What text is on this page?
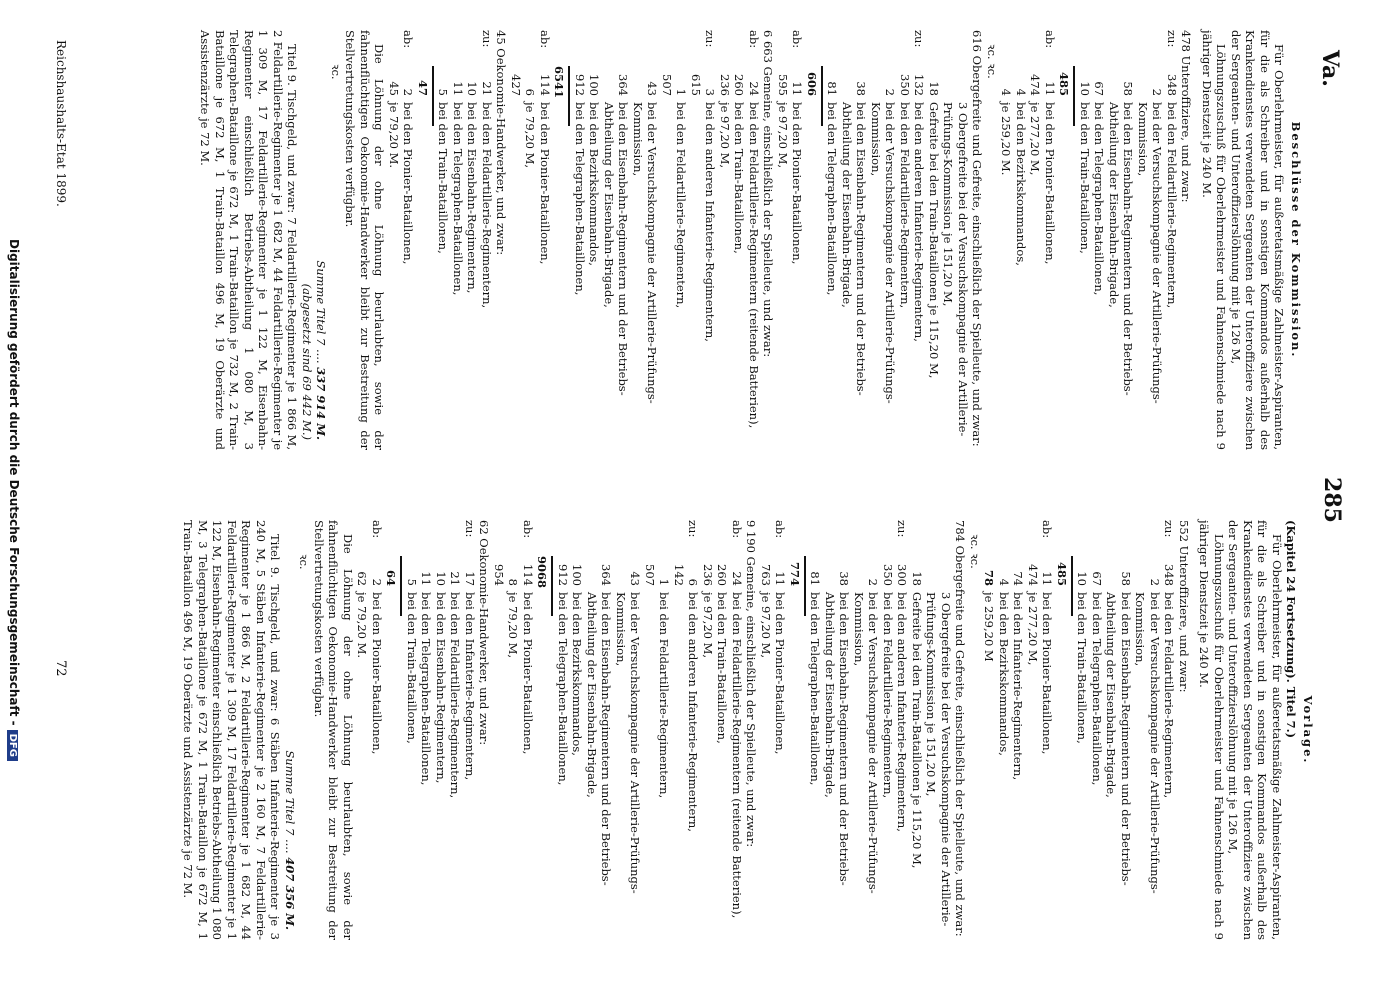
285
Va.
Vorlage.
(Kapitel 24 Fortsetzung). Titel 7.)
Für Oberlehrmeister, für außeretatsmäßige Zahlmeister-Aspiranten, für die als Schreiber und in sonstigen Kommandos außerhalb des Krankendienstes verwendeten Sergeanten der Unteroffiziere zwischen der Sergeanten- und Unteroffizierslöhnung mit je 126 M,
Löhnungszuschuß für Oberlehrmeister und Fahnenschmiede nach 9 jähriger Dienstzeit je 240 M.
552 Unteroffiziere, und zwar:
zu:
348
bei den Feldartillerie-Regimentern,
2
bei der Versuchskompagnie der Artillerie-Prüfungs-Kommission,
58
bei den Eisenbahn-Regimentern und der Betriebs-Abtheilung der Eisenbahn-Brigade,
67
bei den Telegraphen-Bataillonen,
10
bei den Train-Bataillonen,
485
ab:
11
bei den Pionier-Bataillonen,
474
je 277,20 M,
74
bei den Infanterie-Regimentern,
4
bei den Bezirkskommandos,
78
je 259,20 M
ꝛc. ꝛc.
784 Obergefreite und Gefreite, einschließlich der Spielleute, und zwar:
3 Obergefreite bei der Versuchskompagnie der Artillerie-Prüfungs-Kommission je 151,20 M,
18
Gefreite bei den Train-Bataillonen je 115,20 M,
zu:
300
bei den anderen Infanterie-Regimentern,
350
bei den Feldartillerie-Regimentern,
2
bei der Versuchskompagnie der Artillerie-Prüfungs-Kommission,
38
bei den Eisenbahn-Regimentern und der Betriebs-Abtheilung der Eisenbahn-Brigade,
81
bei den Telegraphen-Bataillonen,
774
ab:
11
bei den Pionier-Bataillonen,
763
je 97,20 M,
9 190 Gemeine, einschließlich der Spielleute, und zwar:
ab:
24
bei den Feldartillerie-Regimentern (reitende Batterien),
260
bei den Train-Bataillonen,
236
je 97,20 M,
zu:
6 142
bei den anderen Infanterie-Regimentern,
1 507
bei den Feldartillerie-Regimentern,
43
bei der Versuchskompagnie der Artillerie-Prüfungs-Kommission,
364
bei den Eisenbahn-Regimentern und der Betriebs-Abtheilung der Eisenbahn-Brigade,
100
bei den Bezirkskommandos,
912
bei den Telegraphen-Bataillonen,
9068
ab:
114
bei den Pionier-Bataillonen,
8 954
je 79,20 M,
62 Oekonomie-Handwerker, und zwar:
zu:
17
bei den Infanterie-Regimentern,
21
bei den Feldartillerie-Regimentern,
10
bei den Eisenbahn-Regimentern,
11
bei den Telegraphen-Bataillonen,
5
bei den Train-Bataillonen,
64
ab:
2
bei den Pionier-Bataillonen,
62
je 79,20 M.
Die Löhnung der ohne Löhnung beurlaubten, sowie der fahnenflüchtigen Oekonomie-Handwerker bleibt zur Bestreitung der Stellvertretungskosten verfügbar.
ꝛc.
Summe Titel 7 .... 407 356 M.
Titel 9. Tischgeld, und zwar: 6 Stäben Infanterie-Regimenter je 3 240 M, 5 Stäben Infanterie-Regimenter je 2 160 M, 7 Feldartillerie-Regimenter je 1 866 M, 2 Feldartillerie-Regimenter je 1 682 M, 44 Feldartillerie-Regimenter je 1 309 M, 17 Feldartillerie-Regimenter je 1 122 M, Eisenbahn-Regimenter einschließlich Betriebs-Abtheilung 1 080 M, 3 Telegraphen-Bataillone je 672 M, 1 Train-Bataillon je 672 M, 1 Train-Bataillon 496 M, 19 Oberärzte und Assistenzärzte je 72 M.
Beschlüsse der Kommission.
Für Oberlehrmeister, für außeretatsmäßige Zahlmeister-Aspiranten, für die als Schreiber und in sonstigen Kommandos außerhalb des Krankendienstes verwendeten Sergeanten der Unteroffiziere zwischen der Sergeanten- und Unteroffizierslöhnung mit je 126 M,
Löhnungszuschuß für Oberlehrmeister und Fahnenschmiede nach 9 jähriger Dienstzeit je 240 M.
478 Unteroffiziere, und zwar:
zu:
348
bei den Feldartillerie-Regimentern,
2
bei der Versuchskompagnie der Artillerie-Prüfungs-Kommission,
58
bei den Eisenbahn-Regimentern und der Betriebs-Abtheilung der Eisenbahn-Brigade,
67
bei den Telegraphen-Bataillonen,
10
bei den Train-Bataillonen,
485
ab:
11
bei den Pionier-Bataillonen,
474
je 277,20 M,
4
bei den Bezirkskommandos,
4
je 259,20 M.
ꝛc. ꝛc.
616 Obergefreite und Gefreite, einschließlich der Spielleute, und zwar:
3 Obergefreite bei der Versuchskompagnie der Artillerie-Prüfungs-Kommission je 151,20 M,
18
Gefreite bei den Train-Bataillonen je 115,20 M,
zu:
132
bei den anderen Infanterie-Regimentern,
350
bei den Feldartillerie-Regimentern,
2
bei der Versuchskompagnie der Artillerie-Prüfungs-Kommission,
38
bei den Eisenbahn-Regimentern und der Betriebs-Abtheilung der Eisenbahn-Brigade,
81
bei den Telegraphen-Bataillonen,
606
ab:
11
bei den Pionier-Bataillonen,
595
je 97,20 M,
6 663 Gemeine, einschließlich der Spielleute, und zwar:
ab:
24
bei den Feldartillerie-Regimentern (reitende Batterien),
260
bei den Train-Bataillonen,
236
je 97,20 M,
zu:
3 615
bei den anderen Infanterie-Regimentern,
1 507
bei den Feldartillerie-Regimentern,
43
bei der Versuchskompagnie der Artillerie-Prüfungs-Kommission,
364
bei den Eisenbahn-Regimentern und der Betriebs-Abtheilung der Eisenbahn-Brigade,
100
bei den Bezirkskommandos,
912
bei den Telegraphen-Bataillonen,
6541
ab:
114
bei den Pionier-Bataillonen,
6 427
je 79,20 M,
45 Oekonomie-Handwerker, und zwar:
zu:
21
bei den Feldartillerie-Regimentern,
10
bei den Eisenbahn-Regimentern,
11
bei den Telegraphen-Bataillonen,
5
bei den Train-Bataillonen,
47
ab:
2
bei den Pionier-Bataillonen,
45
je 79,20 M.
Die Löhnung der ohne Löhnung beurlaubten, sowie der fahnenflüchtigen Oekonomie-Handwerker bleibt zur Bestreitung der Stellvertretungskosten verfügbar.
ꝛc.
Summe Titel 7 .... 337 914 M.
(abgesetzt sind 69 442 M.)
Titel 9. Tischgeld, und zwar: 7 Feldartillerie-Regimenter je 1 866 M, 2 Feldartillerie-Regimenter je 1 682 M, 44 Feldartillerie-Regimenter je 1 309 M, 17 Feldartillerie-Regimenter je 1 122 M, Eisenbahn-Regimenter einschließlich Betriebs-Abtheilung 1 080 M, 3 Telegraphen-Bataillone je 672 M, 1 Train-Bataillon je 732 M, 2 Train-Bataillone je 672 M, 1 Train-Bataillon 496 M, 19 Oberärzte und Assistenzärzte je 72 M.
Reichshaushalts-Etat 1899.
72
Digitalisierung gefördert durch die Deutsche Forschungsgemeinschaft -DFG
